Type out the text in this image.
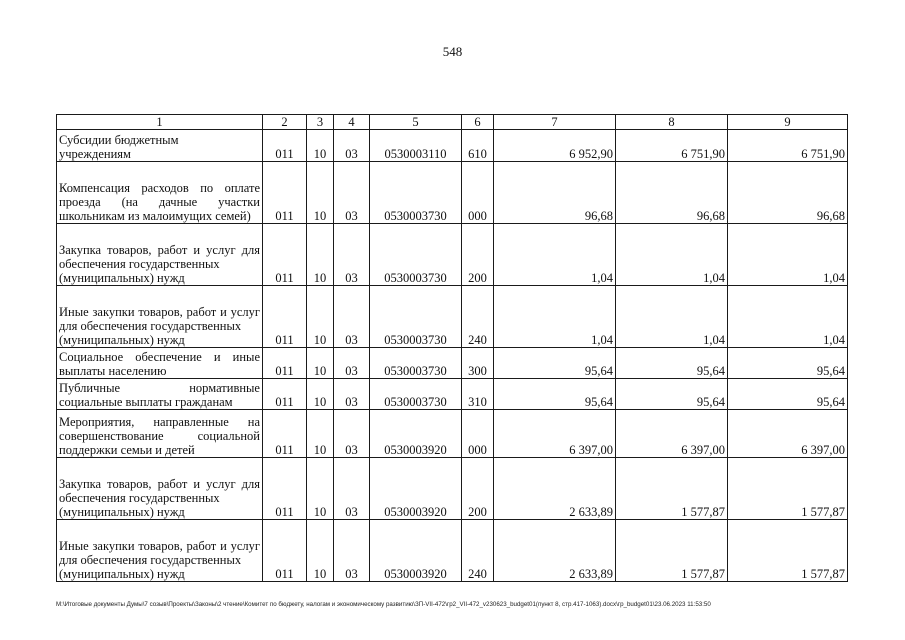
548
1	2	3	4	5	6	7	8	9
Субсидии бюджетным
учреждениям	011	10	03	0530003110	610	6 952,90	6 751,90	6 751,90
Компенсация расходов по оплате проезда (на дачные участки школьникам из малоимущих семей)	011	10	03	0530003730	000	96,68	96,68	96,68
Закупка товаров, работ и услуг для обеспечения государственных
(муниципальных) нужд	011	10	03	0530003730	200	1,04	1,04	1,04
Иные закупки товаров, работ и услуг для обеспечения государственных
(муниципальных) нужд	011	10	03	0530003730	240	1,04	1,04	1,04
Социальное обеспечение и иные выплаты населению	011	10	03	0530003730	300	95,64	95,64	95,64
Публичные нормативные социальные выплаты гражданам	011	10	03	0530003730	310	95,64	95,64	95,64
Мероприятия, направленные на совершенствование социальной поддержки семьи и детей	011	10	03	0530003920	000	6 397,00	6 397,00	6 397,00
Закупка товаров, работ и услуг для обеспечения государственных
(муниципальных) нужд	011	10	03	0530003920	200	2 633,89	1 577,87	1 577,87
Иные закупки товаров, работ и услуг для обеспечения государственных
(муниципальных) нужд	011	10	03	0530003920	240	2 633,89	1 577,87	1 577,87
M:\Итоговые документы Думы\7 созыв\Проекты\Законы\2 чтение\Комитет по бюджету, налогам и экономическому развитию\ЗП-VII-472\гр2_VII-472_v230623_budget01(пункт 8, стр.417-1063).docx\гр_budget01\23.06.2023 11:53:50
